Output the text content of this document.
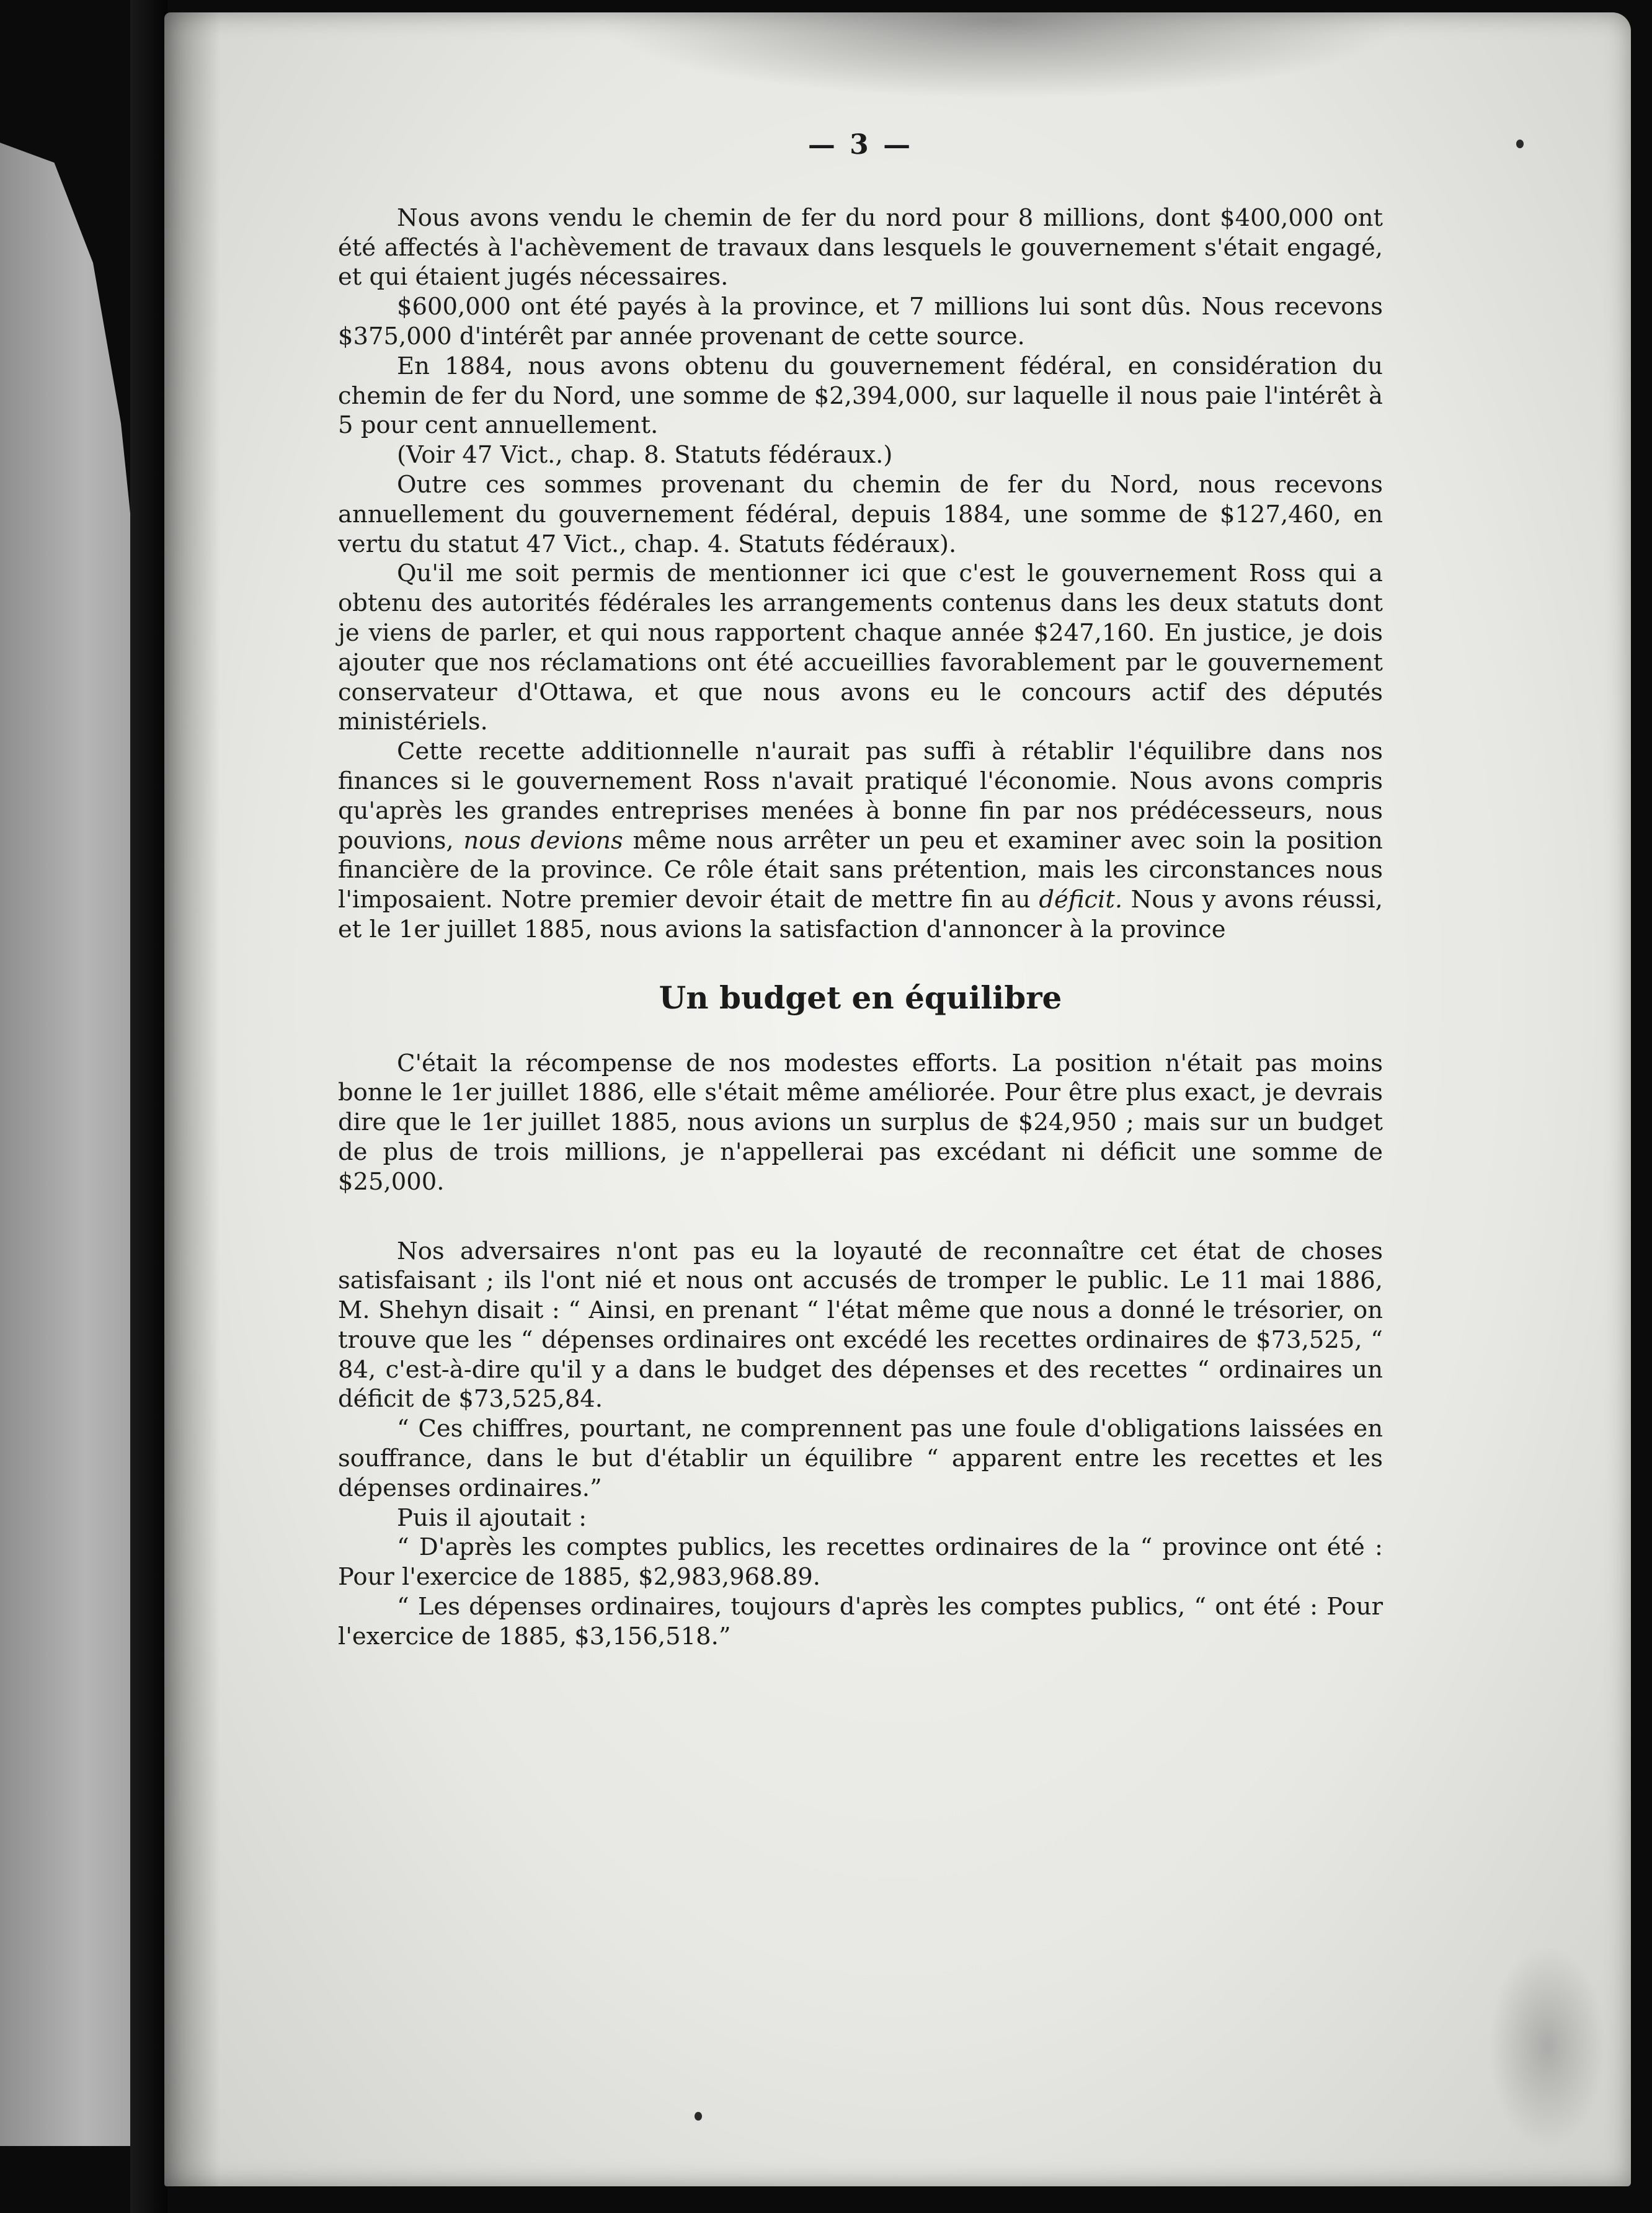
— 3 —

Nous avons vendu le chemin de fer du nord pour 8 millions, dont $400,000 ont été affectés à l'achèvement de travaux dans lesquels le gouvernement s'était engagé, et qui étaient jugés nécessaires.

$600,000 ont été payés à la province, et 7 millions lui sont dûs. Nous recevons $375,000 d'intérêt par année provenant de cette source.

En 1884, nous avons obtenu du gouvernement fédéral, en considération du chemin de fer du Nord, une somme de $2,394,000, sur laquelle il nous paie l'intérêt à 5 pour cent annuellement.

(Voir 47 Vict., chap. 8. Statuts fédéraux.)

Outre ces sommes provenant du chemin de fer du Nord, nous recevons annuellement du gouvernement fédéral, depuis 1884, une somme de $127,460, en vertu du statut 47 Vict., chap. 4. Statuts fédéraux).

Qu'il me soit permis de mentionner ici que c'est le gouvernement Ross qui a obtenu des autorités fédérales les arrangements contenus dans les deux statuts dont je viens de parler, et qui nous rapportent chaque année $247,160. En justice, je dois ajouter que nos réclamations ont été accueillies favorablement par le gouvernement conservateur d'Ottawa, et que nous avons eu le concours actif des députés ministériels.

Cette recette additionnelle n'aurait pas suffi à rétablir l'équilibre dans nos finances si le gouvernement Ross n'avait pratiqué l'économie. Nous avons compris qu'après les grandes entreprises menées à bonne fin par nos prédécesseurs, nous pouvions, nous devions même nous arrêter un peu et examiner avec soin la position financière de la province. Ce rôle était sans prétention, mais les circonstances nous l'imposaient. Notre premier devoir était de mettre fin au déficit. Nous y avons réussi, et le 1er juillet 1885, nous avions la satisfaction d'annoncer à la province

Un budget en équilibre

C'était la récompense de nos modestes efforts. La position n'était pas moins bonne le 1er juillet 1886, elle s'était même améliorée. Pour être plus exact, je devrais dire que le 1er juillet 1885, nous avions un surplus de $24,950 ; mais sur un budget de plus de trois millions, je n'appellerai pas excédant ni déficit une somme de $25,000.

Nos adversaires n'ont pas eu la loyauté de reconnaître cet état de choses satisfaisant ; ils l'ont nié et nous ont accusés de tromper le public. Le 11 mai 1886, M. Shehyn disait : “ Ainsi, en prenant “ l'état même que nous a donné le trésorier, on trouve que les “ dépenses ordinaires ont excédé les recettes ordinaires de $73,525, “ 84, c'est-à-dire qu'il y a dans le budget des dépenses et des recettes “ ordinaires un déficit de $73,525,84.

“ Ces chiffres, pourtant, ne comprennent pas une foule d'obligations laissées en souffrance, dans le but d'établir un équilibre “ apparent entre les recettes et les dépenses ordinaires.”

Puis il ajoutait :

“ D'après les comptes publics, les recettes ordinaires de la “ province ont été : Pour l'exercice de 1885, $2,983,968.89.

“ Les dépenses ordinaires, toujours d'après les comptes publics, “ ont été : Pour l'exercice de 1885, $3,156,518.”
